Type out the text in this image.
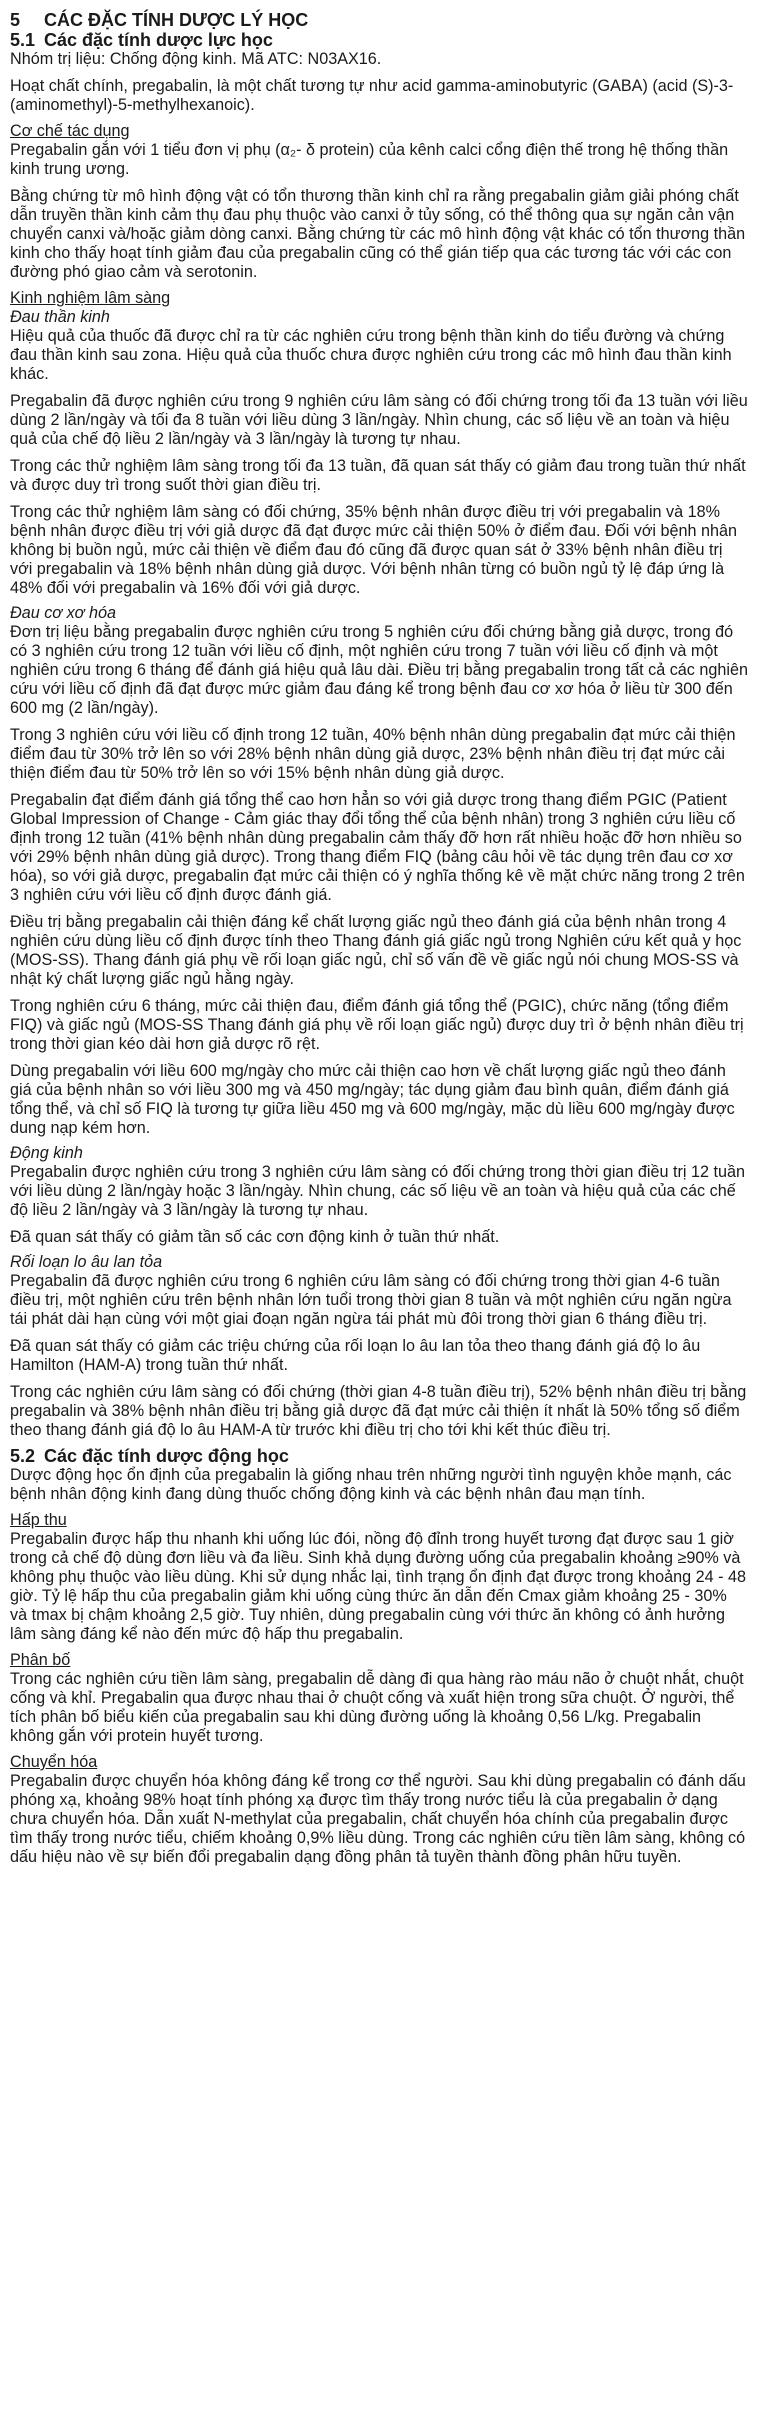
5 CÁC ĐẶC TÍNH DƯỢC LÝ HỌC
5.1 Các đặc tính dược lực học

Nhóm trị liệu: Chống động kinh. Mã ATC: N03AX16.

Hoạt chất chính, pregabalin, là một chất tương tự như acid gamma-aminobutyric (GABA) (acid (S)-3- (aminomethyl)-5-methylhexanoic).

Cơ chế tác dụng

Pregabalin gắn với 1 tiểu đơn vị phụ (α₂- δ protein) của kênh calci cổng điện thế trong hệ thống thần kinh trung ương.

Bằng chứng từ mô hình động vật có tổn thương thần kinh chỉ ra rằng pregabalin giảm giải phóng chất dẫn truyền thần kinh cảm thụ đau phụ thuộc vào canxi ở tủy sống, có thể thông qua sự ngăn cản vận chuyển canxi và/hoặc giảm dòng canxi. Bằng chứng từ các mô hình động vật khác có tổn thương thần kinh cho thấy hoạt tính giảm đau của pregabalin cũng có thể gián tiếp qua các tương tác với các con đường phó giao cảm và serotonin.

Kinh nghiệm lâm sàng

Đau thần kinh

Hiệu quả của thuốc đã được chỉ ra từ các nghiên cứu trong bệnh thần kinh do tiểu đường và chứng đau thần kinh sau zona. Hiệu quả của thuốc chưa được nghiên cứu trong các mô hình đau thần kinh khác.

Pregabalin đã được nghiên cứu trong 9 nghiên cứu lâm sàng có đối chứng trong tối đa 13 tuần với liều dùng 2 lần/ngày và tối đa 8 tuần với liều dùng 3 lần/ngày. Nhìn chung, các số liệu về an toàn và hiệu quả của chế độ liều 2 lần/ngày và 3 lần/ngày là tương tự nhau.

Trong các thử nghiệm lâm sàng trong tối đa 13 tuần, đã quan sát thấy có giảm đau trong tuần thứ nhất và được duy trì trong suốt thời gian điều trị.

Trong các thử nghiệm lâm sàng có đối chứng, 35% bệnh nhân được điều trị với pregabalin và 18% bệnh nhân được điều trị với giả dược đã đạt được mức cải thiện 50% ở điểm đau. Đối với bệnh nhân không bị buồn ngủ, mức cải thiện về điểm đau đó cũng đã được quan sát ở 33% bệnh nhân điều trị với pregabalin và 18% bệnh nhân dùng giả dược. Với bệnh nhân từng có buồn ngủ tỷ lệ đáp ứng là 48% đối với pregabalin và 16% đối với giả dược.

Đau cơ xơ hóa

Đơn trị liệu bằng pregabalin được nghiên cứu trong 5 nghiên cứu đối chứng bằng giả dược, trong đó có 3 nghiên cứu trong 12 tuần với liều cố định, một nghiên cứu trong 7 tuần với liều cố định và một nghiên cứu trong 6 tháng để đánh giá hiệu quả lâu dài. Điều trị bằng pregabalin trong tất cả các nghiên cứu với liều cố định đã đạt được mức giảm đau đáng kể trong bệnh đau cơ xơ hóa ở liều từ 300 đến 600 mg (2 lần/ngày).

Trong 3 nghiên cứu với liều cố định trong 12 tuần, 40% bệnh nhân dùng pregabalin đạt mức cải thiện điểm đau từ 30% trở lên so với 28% bệnh nhân dùng giả dược, 23% bệnh nhân điều trị đạt mức cải thiện điểm đau từ 50% trở lên so với 15% bệnh nhân dùng giả dược.

Pregabalin đạt điểm đánh giá tổng thể cao hơn hẳn so với giả dược trong thang điểm PGIC (Patient Global Impression of Change - Cảm giác thay đổi tổng thể của bệnh nhân) trong 3 nghiên cứu liều cố định trong 12 tuần (41% bệnh nhân dùng pregabalin cảm thấy đỡ hơn rất nhiều hoặc đỡ hơn nhiều so với 29% bệnh nhân dùng giả dược). Trong thang điểm FIQ (bảng câu hỏi về tác dụng trên đau cơ xơ hóa), so với giả dược, pregabalin đạt mức cải thiện có ý nghĩa thống kê về mặt chức năng trong 2 trên 3 nghiên cứu với liều cố định được đánh giá.

Điều trị bằng pregabalin cải thiện đáng kể chất lượng giấc ngủ theo đánh giá của bệnh nhân trong 4 nghiên cứu dùng liều cố định được tính theo Thang đánh giá giấc ngủ trong Nghiên cứu kết quả y học (MOS-SS). Thang đánh giá phụ về rối loạn giấc ngủ, chỉ số vấn đề về giấc ngủ nói chung MOS-SS và nhật ký chất lượng giấc ngủ hằng ngày.

Trong nghiên cứu 6 tháng, mức cải thiện đau, điểm đánh giá tổng thể (PGIC), chức năng (tổng điểm FIQ) và giấc ngủ (MOS-SS Thang đánh giá phụ về rối loạn giấc ngủ) được duy trì ở bệnh nhân điều trị trong thời gian kéo dài hơn giả dược rõ rệt.

Dùng pregabalin với liều 600 mg/ngày cho mức cải thiện cao hơn về chất lượng giấc ngủ theo đánh giá của bệnh nhân so với liều 300 mg và 450 mg/ngày; tác dụng giảm đau bình quân, điểm đánh giá tổng thể, và chỉ số FIQ là tương tự giữa liều 450 mg và 600 mg/ngày, mặc dù liều 600 mg/ngày được dung nạp kém hơn.

Động kinh

Pregabalin được nghiên cứu trong 3 nghiên cứu lâm sàng có đối chứng trong thời gian điều trị 12 tuần với liều dùng 2 lần/ngày hoặc 3 lần/ngày. Nhìn chung, các số liệu về an toàn và hiệu quả của các chế độ liều 2 lần/ngày và 3 lần/ngày là tương tự nhau.

Đã quan sát thấy có giảm tần số các cơn động kinh ở tuần thứ nhất.

Rối loạn lo âu lan tỏa

Pregabalin đã được nghiên cứu trong 6 nghiên cứu lâm sàng có đối chứng trong thời gian 4-6 tuần điều trị, một nghiên cứu trên bệnh nhân lớn tuổi trong thời gian 8 tuần và một nghiên cứu ngăn ngừa tái phát dài hạn cùng với một giai đoạn ngăn ngừa tái phát mù đôi trong thời gian 6 tháng điều trị.

Đã quan sát thấy có giảm các triệu chứng của rối loạn lo âu lan tỏa theo thang đánh giá độ lo âu Hamilton (HAM-A) trong tuần thứ nhất.

Trong các nghiên cứu lâm sàng có đối chứng (thời gian 4-8 tuần điều trị), 52% bệnh nhân điều trị bằng pregabalin và 38% bệnh nhân điều trị bằng giả dược đã đạt mức cải thiện ít nhất là 50% tổng số điểm theo thang đánh giá độ lo âu HAM-A từ trước khi điều trị cho tới khi kết thúc điều trị.

5.2 Các đặc tính dược động học

Dược động học ổn định của pregabalin là giống nhau trên những người tình nguyện khỏe mạnh, các bệnh nhân động kinh đang dùng thuốc chống động kinh và các bệnh nhân đau mạn tính.

Hấp thu

Pregabalin được hấp thu nhanh khi uống lúc đói, nồng độ đỉnh trong huyết tương đạt được sau 1 giờ trong cả chế độ dùng đơn liều và đa liều. Sinh khả dụng đường uống của pregabalin khoảng ≥90% và không phụ thuộc vào liều dùng. Khi sử dụng nhắc lại, tình trạng ổn định đạt được trong khoảng 24 - 48 giờ. Tỷ lệ hấp thu của pregabalin giảm khi uống cùng thức ăn dẫn đến Cmax giảm khoảng 25 - 30% và tmax bị chậm khoảng 2,5 giờ. Tuy nhiên, dùng pregabalin cùng với thức ăn không có ảnh hưởng lâm sàng đáng kể nào đến mức độ hấp thu pregabalin.

Phân bố

Trong các nghiên cứu tiền lâm sàng, pregabalin dễ dàng đi qua hàng rào máu não ở chuột nhắt, chuột cống và khỉ. Pregabalin qua được nhau thai ở chuột cống và xuất hiện trong sữa chuột. Ở người, thể tích phân bố biểu kiến của pregabalin sau khi dùng đường uống là khoảng 0,56 L/kg. Pregabalin không gắn với protein huyết tương.

Chuyển hóa

Pregabalin được chuyển hóa không đáng kể trong cơ thể người. Sau khi dùng pregabalin có đánh dấu phóng xạ, khoảng 98% hoạt tính phóng xạ được tìm thấy trong nước tiểu là của pregabalin ở dạng chưa chuyển hóa. Dẫn xuất N-methylat của pregabalin, chất chuyển hóa chính của pregabalin được tìm thấy trong nước tiểu, chiếm khoảng 0,9% liều dùng. Trong các nghiên cứu tiền lâm sàng, không có dấu hiệu nào về sự biến đổi pregabalin dạng đồng phân tả tuyền thành đồng phân hữu tuyền.
